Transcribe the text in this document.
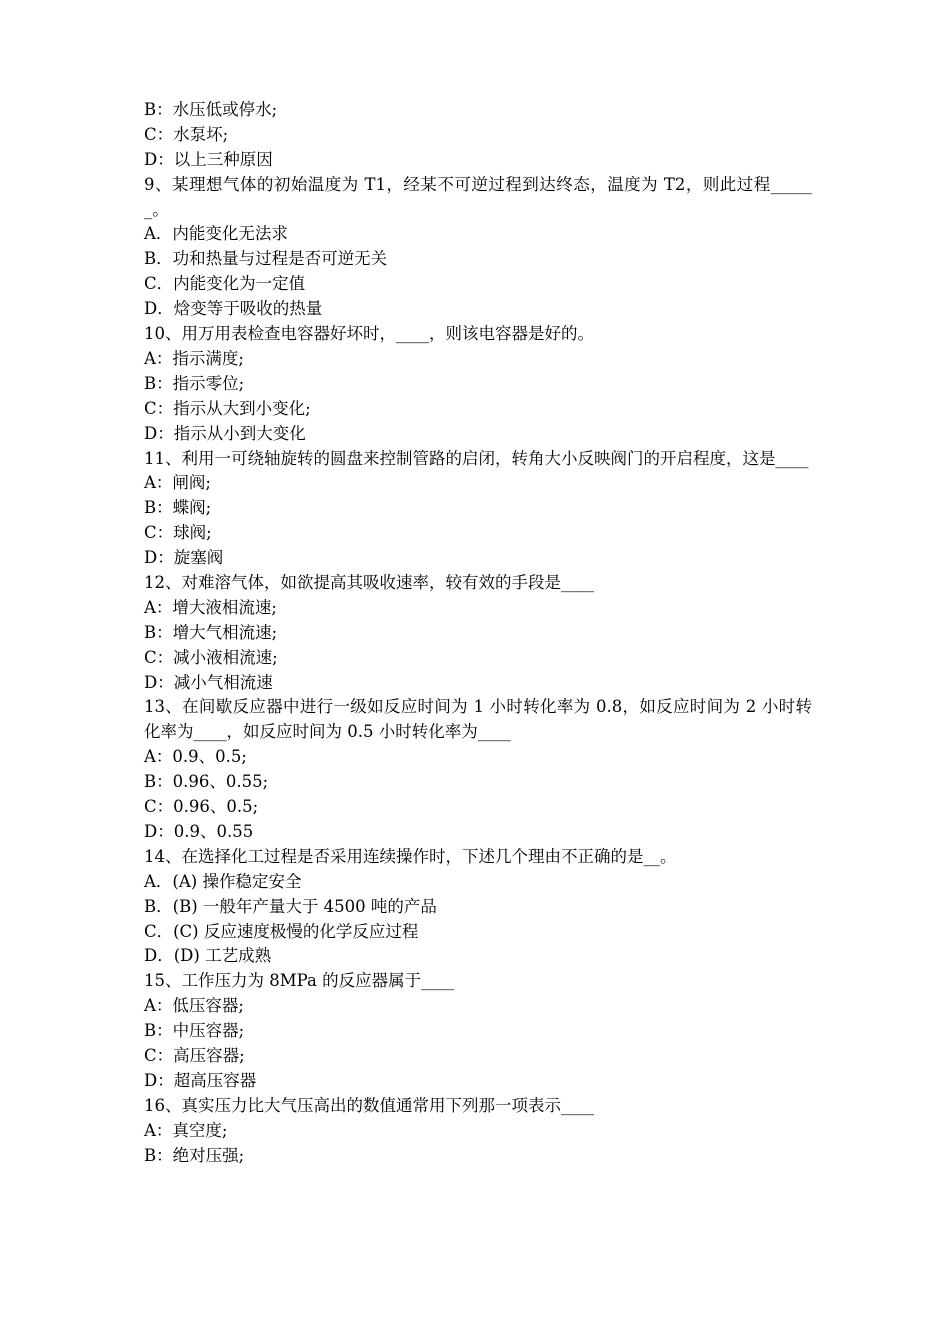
B：水压低或停水;
C：水泵坏;
D：以上三种原因
9、某理想气体的初始温度为 T1，经某不可逆过程到达终态，温度为 T2，则此过程______。
A．内能变化无法求
B．功和热量与过程是否可逆无关
C．内能变化为一定值
D．焓变等于吸收的热量
10、用万用表检查电容器好坏时，____，则该电容器是好的。
A：指示满度;
B：指示零位;
C：指示从大到小变化;
D：指示从小到大变化
11、利用一可绕轴旋转的圆盘来控制管路的启闭，转角大小反映阀门的开启程度，这是____
A：闸阀;
B：蝶阀;
C：球阀;
D：旋塞阀
12、对难溶气体，如欲提高其吸收速率，较有效的手段是____
A：增大液相流速;
B：增大气相流速;
C：减小液相流速;
D：减小气相流速
13、在间歇反应器中进行一级如反应时间为 1 小时转化率为 0.8，如反应时间为 2 小时转化率为____，如反应时间为 0.5 小时转化率为____
A：0.9、0.5;
B：0.96、0.55;
C：0.96、0.5;
D：0.9、0.55
14、在选择化工过程是否采用连续操作时，下述几个理由不正确的是__。
A．(A) 操作稳定安全
B．(B) 一般年产量大于 4500 吨的产品
C．(C) 反应速度极慢的化学反应过程
D．(D) 工艺成熟
15、工作压力为 8MPa 的反应器属于____
A：低压容器;
B：中压容器;
C：高压容器;
D：超高压容器
16、真实压力比大气压高出的数值通常用下列那一项表示____
A：真空度;
B：绝对压强;
